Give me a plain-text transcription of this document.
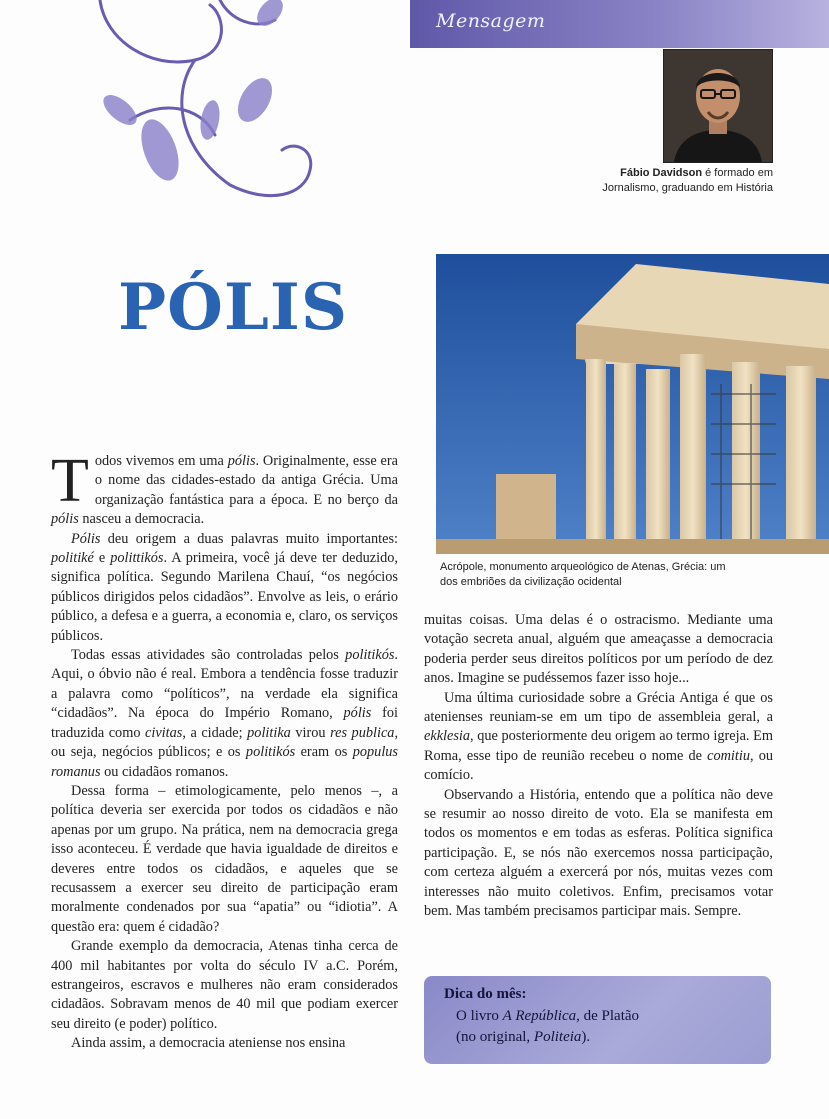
Mensagem
Fábio Davidson é formado em Jornalismo, graduando em História
PÓLIS
Acrópole, monumento arqueológico de Atenas, Grécia: um dos embriões da civilização ocidental

Todos vivemos em uma pólis. Originalmente, esse era o nome das cidades-estado da antiga Grécia. Uma organização fantástica para a época. E no berço da pólis nasceu a democracia.

Pólis deu origem a duas palavras muito importantes: politiké e polittikós. A primeira, você já deve ter deduzido, significa política. Segundo Marilena Chauí, “os negócios públicos dirigidos pelos cidadãos”. Envolve as leis, o erário público, a defesa e a guerra, a economia e, claro, os serviços públicos.

Todas essas atividades são controladas pelos politikós. Aqui, o óbvio não é real. Embora a tendência fosse traduzir a palavra como “políticos”, na verdade ela significa “cidadãos”. Na época do Império Romano, pólis foi traduzida como civitas, a cidade; politika virou res publica, ou seja, negócios públicos; e os politikós eram os populus romanus ou cidadãos romanos.

Dessa forma – etimologicamente, pelo menos –, a política deveria ser exercida por todos os cidadãos e não apenas por um grupo. Na prática, nem na democracia grega isso aconteceu. É verdade que havia igualdade de direitos e deveres entre todos os cidadãos, e aqueles que se recusassem a exercer seu direito de participação eram moralmente condenados por sua “apatia” ou “idiotia”. A questão era: quem é cidadão?

Grande exemplo da democracia, Atenas tinha cerca de 400 mil habitantes por volta do século IV a.C. Porém, estrangeiros, escravos e mulheres não eram considerados cidadãos. Sobravam menos de 40 mil que podiam exercer seu direito (e poder) político.

Ainda assim, a democracia ateniense nos ensina

muitas coisas. Uma delas é o ostracismo. Mediante uma votação secreta anual, alguém que ameaçasse a democracia poderia perder seus direitos políticos por um período de dez anos. Imagine se pudéssemos fazer isso hoje...

Uma última curiosidade sobre a Grécia Antiga é que os atenienses reuniam-se em um tipo de assembleia geral, a ekklesia, que posteriormente deu origem ao termo igreja. Em Roma, esse tipo de reunião recebeu o nome de comitiu, ou comício.

Observando a História, entendo que a política não deve se resumir ao nosso direito de voto. Ela se manifesta em todos os momentos e em todas as esferas. Política significa participação. E, se nós não exercemos nossa participação, com certeza alguém a exercerá por nós, muitas vezes com interesses não muito coletivos. Enfim, precisamos votar bem. Mas também precisamos participar mais. Sempre.

Dica do mês:
O livro A República, de Platão
(no original, Politeia).
